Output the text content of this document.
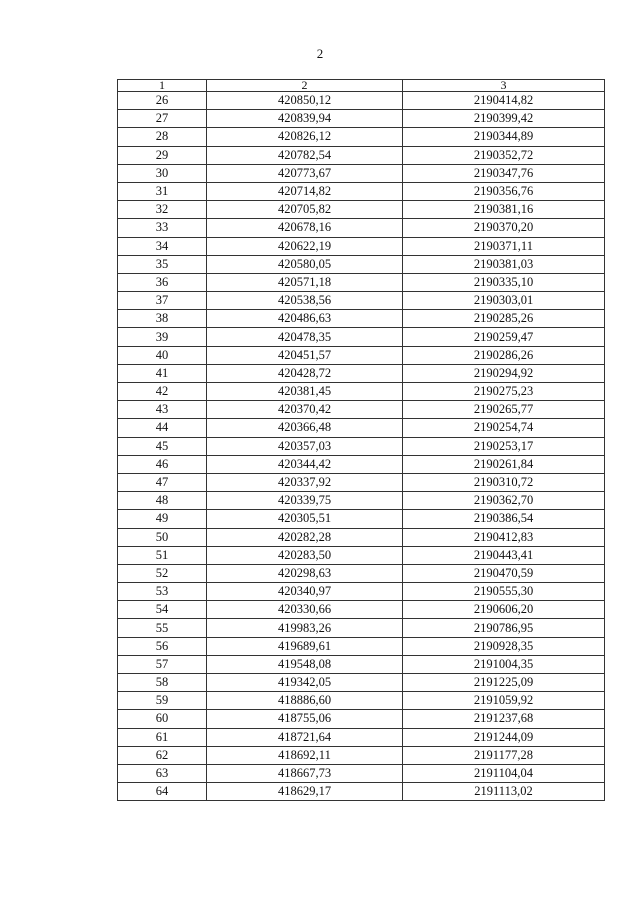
2
1	2	3
26	420850,12	2190414,82
27	420839,94	2190399,42
28	420826,12	2190344,89
29	420782,54	2190352,72
30	420773,67	2190347,76
31	420714,82	2190356,76
32	420705,82	2190381,16
33	420678,16	2190370,20
34	420622,19	2190371,11
35	420580,05	2190381,03
36	420571,18	2190335,10
37	420538,56	2190303,01
38	420486,63	2190285,26
39	420478,35	2190259,47
40	420451,57	2190286,26
41	420428,72	2190294,92
42	420381,45	2190275,23
43	420370,42	2190265,77
44	420366,48	2190254,74
45	420357,03	2190253,17
46	420344,42	2190261,84
47	420337,92	2190310,72
48	420339,75	2190362,70
49	420305,51	2190386,54
50	420282,28	2190412,83
51	420283,50	2190443,41
52	420298,63	2190470,59
53	420340,97	2190555,30
54	420330,66	2190606,20
55	419983,26	2190786,95
56	419689,61	2190928,35
57	419548,08	2191004,35
58	419342,05	2191225,09
59	418886,60	2191059,92
60	418755,06	2191237,68
61	418721,64	2191244,09
62	418692,11	2191177,28
63	418667,73	2191104,04
64	418629,17	2191113,02
